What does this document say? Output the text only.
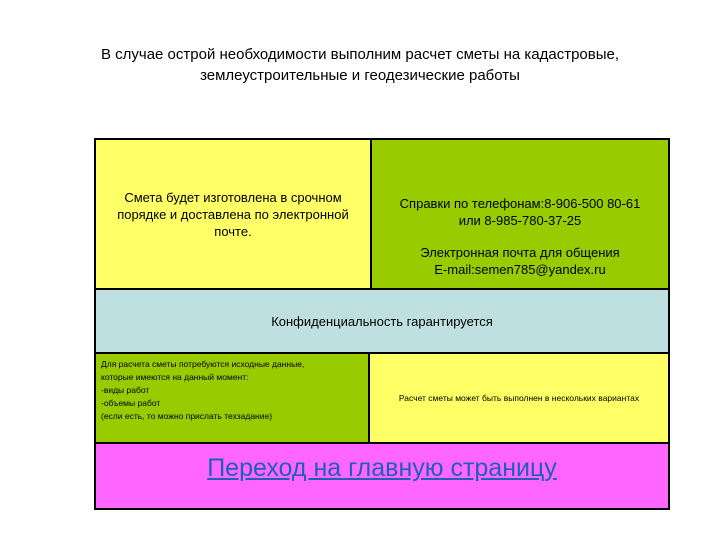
В случае острой необходимости выполним расчет сметы на кадастровые,
землеустроительные и геодезические работы
Смета будет изготовлена в срочном порядке и доставлена по электронной почте.
Справки по телефонам:8-906-500 80-61
или 8-985-780-37-25
Электронная почта для общения
E-mail:semen785@yandex.ru
Конфиденциальность гарантируется
Для расчета сметы потребуются исходные данные,
которые имеются на данный момент:
-виды работ
-объемы работ
(если есть, то можно прислать техзадание)
Расчет сметы может быть выполнен в нескольких вариантах
Переход на главную страницу
